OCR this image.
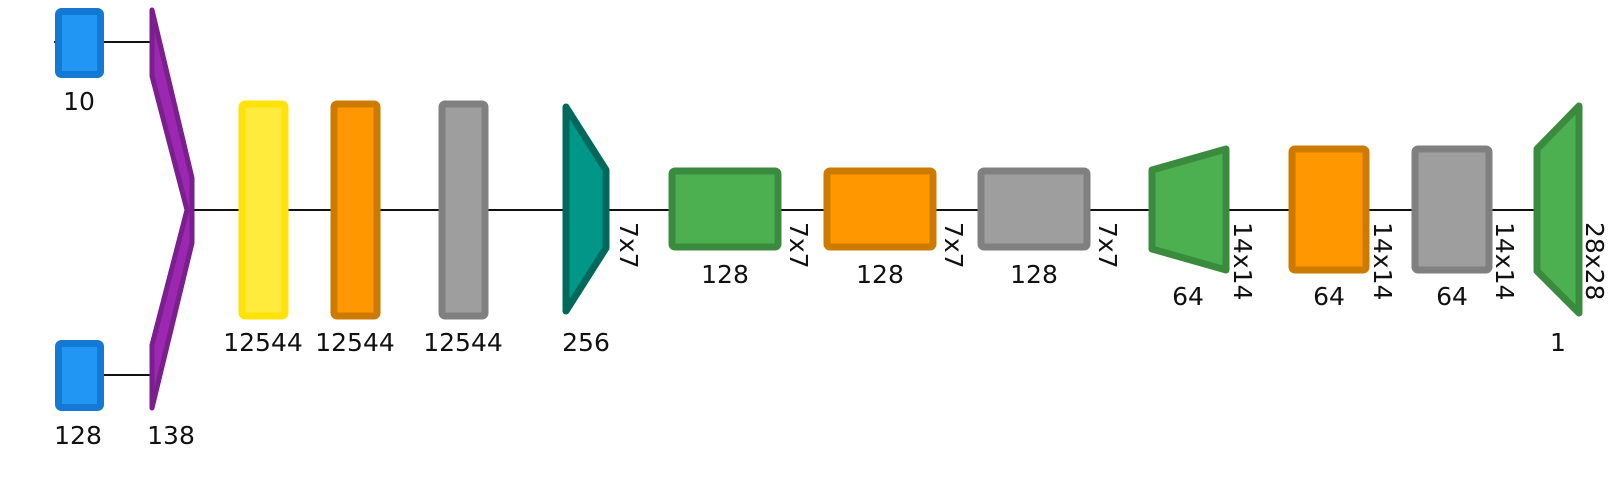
10
128 138
12544 12544 12544 256
128	128	128
64	64	64
1
7x7	7x7	7x7	7x7	14x14	14x14	14x14 28x28
